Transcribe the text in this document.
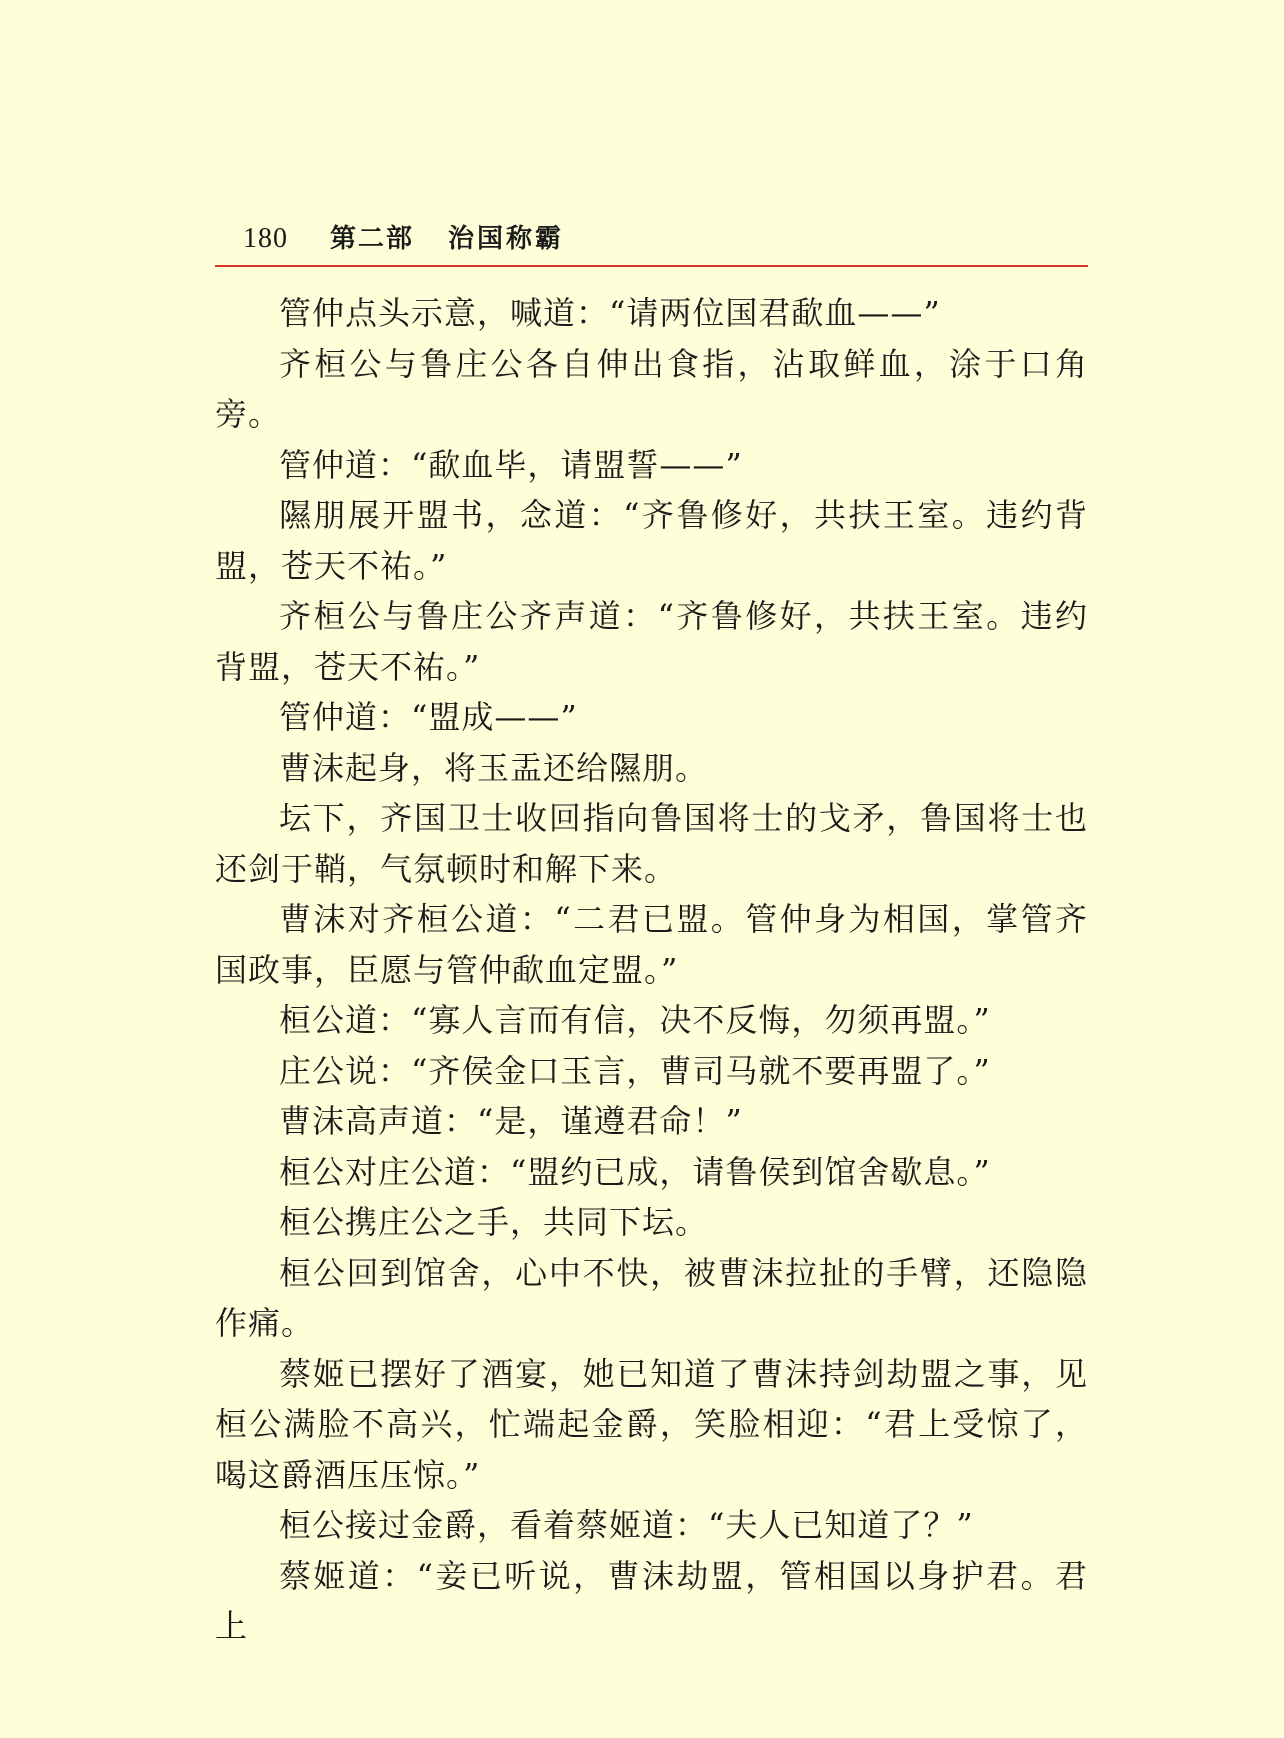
180 第二部 治国称霸

管仲点头示意，喊道：“请两位国君歃血——”

齐桓公与鲁庄公各自伸出食指，沾取鲜血，涂于口角旁。

管仲道：“歃血毕，请盟誓——”

隰朋展开盟书，念道：“齐鲁修好，共扶王室。违约背盟，苍天不祐。”

齐桓公与鲁庄公齐声道：“齐鲁修好，共扶王室。违约背盟，苍天不祐。”

管仲道：“盟成——”

曹沫起身，将玉盂还给隰朋。

坛下，齐国卫士收回指向鲁国将士的戈矛，鲁国将士也还剑于鞘，气氛顿时和解下来。

曹沫对齐桓公道：“二君已盟。管仲身为相国，掌管齐国政事，臣愿与管仲歃血定盟。”

桓公道：“寡人言而有信，决不反悔，勿须再盟。”

庄公说：“齐侯金口玉言，曹司马就不要再盟了。”

曹沫高声道：“是，谨遵君命！”

桓公对庄公道：“盟约已成，请鲁侯到馆舍歇息。”

桓公携庄公之手，共同下坛。

桓公回到馆舍，心中不快，被曹沫拉扯的手臂，还隐隐作痛。

蔡姬已摆好了酒宴，她已知道了曹沫持剑劫盟之事，见桓公满脸不高兴，忙端起金爵，笑脸相迎：“君上受惊了，喝这爵酒压压惊。”

桓公接过金爵，看着蔡姬道：“夫人已知道了？”

蔡姬道：“妾已听说，曹沫劫盟，管相国以身护君。君上
